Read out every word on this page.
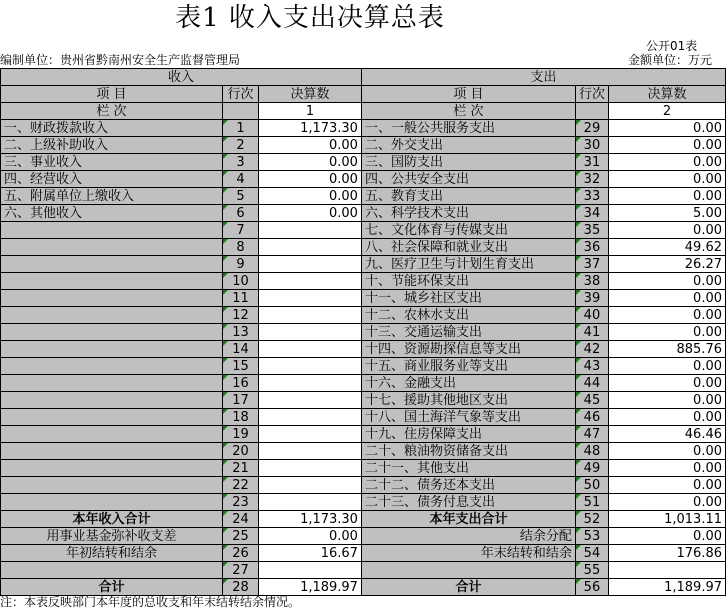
表1 收入支出决算总表
公开01表
编制单位：贵州省黔南州安全生产监督管理局	金额单位：万元
收入			支出		
项 目	行次	决算数	项 目	行次	决算数
栏 次		1	栏 次		2
一、财政拨款收入	1	1,173.30	一、一般公共服务支出	29	0.00
二、上级补助收入	2	0.00	二、外交支出	30	0.00
三、事业收入	3	0.00	三、国防支出	31	0.00
四、经营收入	4	0.00	四、公共安全支出	32	0.00
五、附属单位上缴收入	5	0.00	五、教育支出	33	0.00
六、其他收入	6	0.00	六、科学技术支出	34	5.00
	7		七、文化体育与传媒支出	35	0.00
	8		八、社会保障和就业支出	36	49.62
	9		九、医疗卫生与计划生育支出	37	26.27
	10		十、节能环保支出	38	0.00
	11		十一、城乡社区支出	39	0.00
	12		十二、农林水支出	40	0.00
	13		十三、交通运输支出	41	0.00
	14		十四、资源勘探信息等支出	42	885.76
	15		十五、商业服务业等支出	43	0.00
	16		十六、金融支出	44	0.00
	17		十七、援助其他地区支出	45	0.00
	18		十八、国土海洋气象等支出	46	0.00
	19		十九、住房保障支出	47	46.46
	20		二十、粮油物资储备支出	48	0.00
	21		二十一、其他支出	49	0.00
	22		二十二、债务还本支出	50	0.00
	23		二十三、债务付息支出	51	0.00
本年收入合计	24	1,173.30	本年支出合计	52	1,013.11
用事业基金弥补收支差	25	0.00	结余分配	53	0.00
年初结转和结余	26	16.67	年末结转和结余	54	176.86
	27			55	
合计	28	1,189.97	合计	56	1,189.97
注：本表反映部门本年度的总收支和年末结转结余情况。
